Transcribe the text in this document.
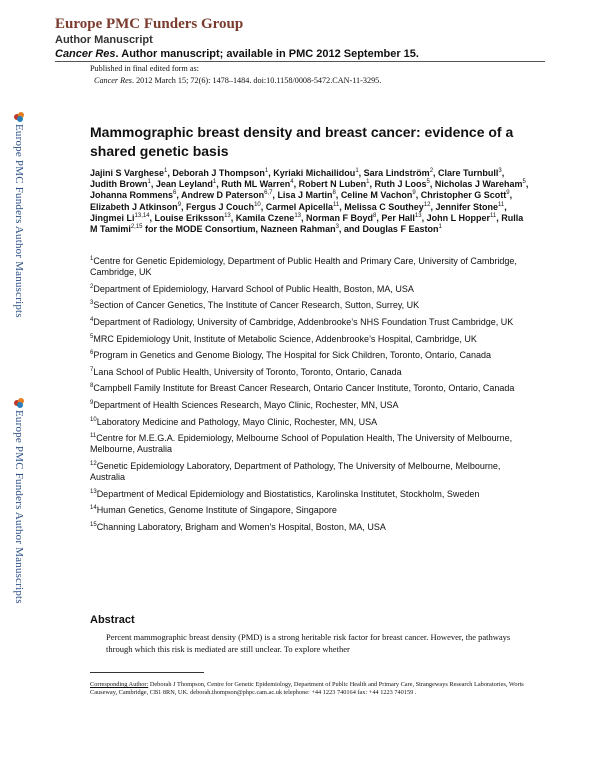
Europe PMC Funders Group
Author Manuscript
Cancer Res. Author manuscript; available in PMC 2012 September 15.
Published in final edited form as:
Cancer Res. 2012 March 15; 72(6): 1478–1484. doi:10.1158/0008-5472.CAN-11-3295.
Europe PMC Funders Author Manuscripts
Europe PMC Funders Author Manuscripts
Mammographic breast density and breast cancer: evidence of a shared genetic basis
Jajini S Varghese$^1$, Deborah J Thompson$^1$, Kyriaki Michailidou$^1$, Sara Lindström$^2$, Clare Turnbull$^3$, Judith Brown$^1$, Jean Leyland$^1$, Ruth ML Warren$^4$, Robert N Luben$^1$, Ruth J Loos$^5$, Nicholas J Wareham$^5$, Johanna Rommens$^6$, Andrew D Paterson$^{6,7}$, Lisa J Martin$^8$, Celine M Vachon$^9$, Christopher G Scott$^9$, Elizabeth J Atkinson$^9$, Fergus J Couch$^{10}$, Carmel Apicella$^{11}$, Melissa C Southey$^{12}$, Jennifer Stone$^{11}$, Jingmei Li$^{13,14}$, Louise Eriksson$^{13}$, Kamila Czene$^{13}$, Norman F Boyd$^8$, Per Hall$^{13}$, John L Hopper$^{11}$, Rulla M Tamimi$^{2,15}$ for the MODE Consortium, Nazneen Rahman$^3$, and Douglas F Easton$^1$
$^1$Centre for Genetic Epidemiology, Department of Public Health and Primary Care, University of Cambridge, Cambridge, UK
$^2$Department of Epidemiology, Harvard School of Public Health, Boston, MA, USA
$^3$Section of Cancer Genetics, The Institute of Cancer Research, Sutton, Surrey, UK
$^4$Department of Radiology, University of Cambridge, Addenbrooke’s NHS Foundation Trust Cambridge, UK
$^5$MRC Epidemiology Unit, Institute of Metabolic Science, Addenbrooke’s Hospital, Cambridge, UK
$^6$Program in Genetics and Genome Biology, The Hospital for Sick Children, Toronto, Ontario, Canada
$^7$Lana School of Public Health, University of Toronto, Toronto, Ontario, Canada
$^8$Campbell Family Institute for Breast Cancer Research, Ontario Cancer Institute, Toronto, Ontario, Canada
$^9$Department of Health Sciences Research, Mayo Clinic, Rochester, MN, USA
$^{10}$Laboratory Medicine and Pathology, Mayo Clinic, Rochester, MN, USA
$^{11}$Centre for M.E.G.A. Epidemiology, Melbourne School of Population Health, The University of Melbourne, Melbourne, Australia
$^{12}$Genetic Epidemiology Laboratory, Department of Pathology, The University of Melbourne, Melbourne, Australia
$^{13}$Department of Medical Epidemiology and Biostatistics, Karolinska Institutet, Stockholm, Sweden
$^{14}$Human Genetics, Genome Institute of Singapore, Singapore
$^{15}$Channing Laboratory, Brigham and Women’s Hospital, Boston, MA, USA
Abstract
Percent mammographic breast density (PMD) is a strong heritable risk factor for breast cancer. However, the pathways through which this risk is mediated are still unclear. To explore whether
Corresponding Author: Deborah J Thompson, Centre for Genetic Epidemiology, Department of Public Health and Primary Care, Strangeways Research Laboratories, Worts Causeway, Cambridge, CB1 8RN, UK. deborah.thompson@phpc.cam.ac.uk telephone: +44 1223 740164 fax: +44 1223 740159 .
